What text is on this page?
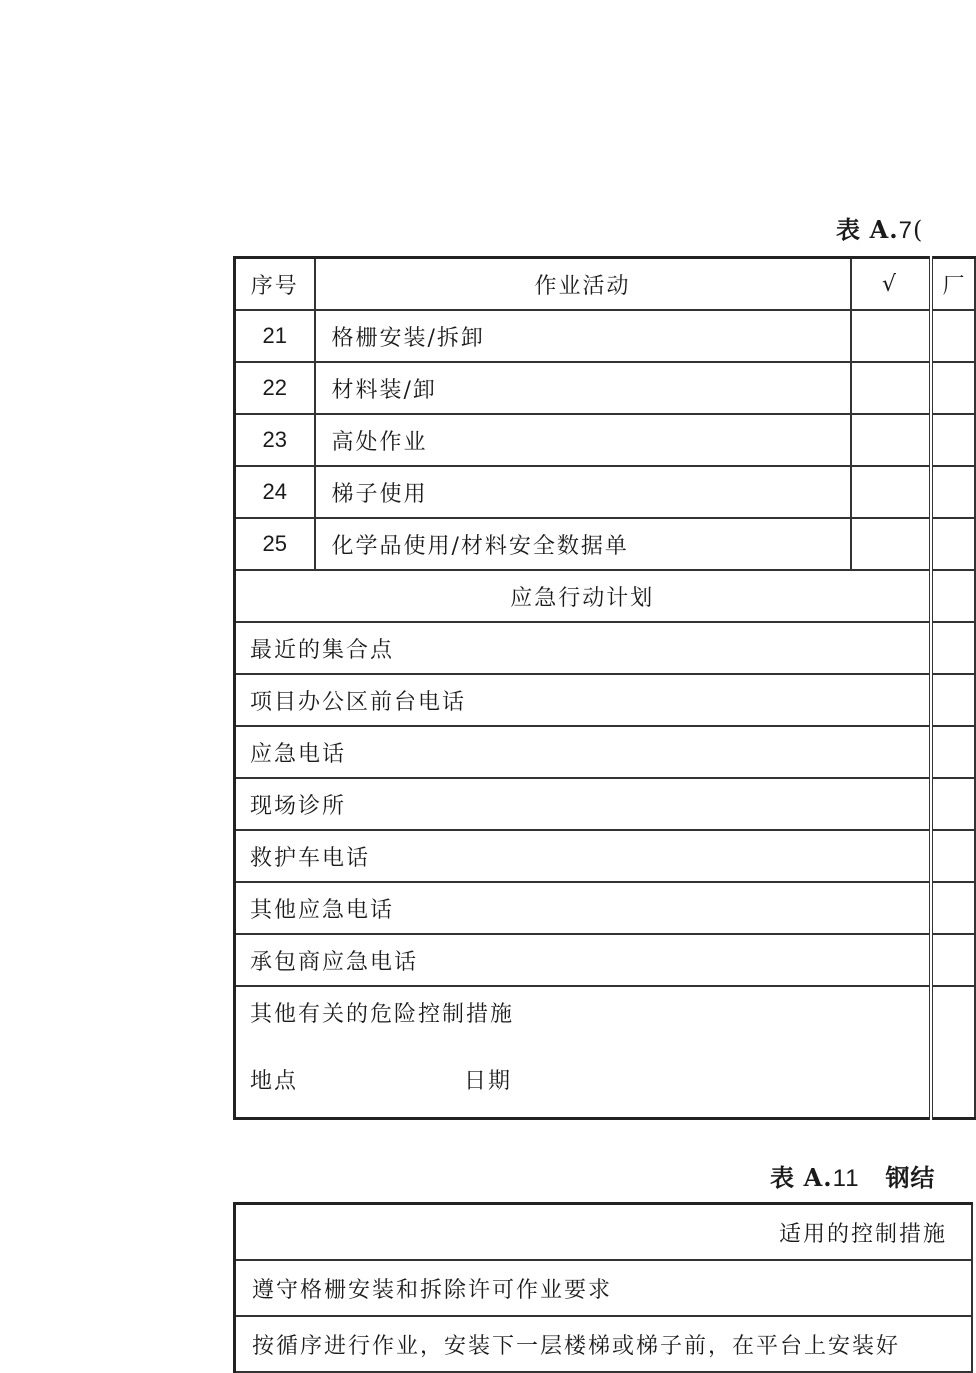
表 A.7(
序号	作业活动	√	厂
21	格栅安装/拆卸		
22	材料装/卸		
23	高处作业		
24	梯子使用		
25	化学品使用/材料安全数据单		
应急行动计划			
最近的集合点			
项目办公区前台电话			
应急电话			
现场诊所			
救护车电话			
其他应急电话			
承包商应急电话			

其他有关的危险控制措施
地点 日期			

表 A.11 钢结
适用的控制措施
遵守格栅安装和拆除许可作业要求
按循序进行作业，安装下一层楼梯或梯子前，在平台上安装好
